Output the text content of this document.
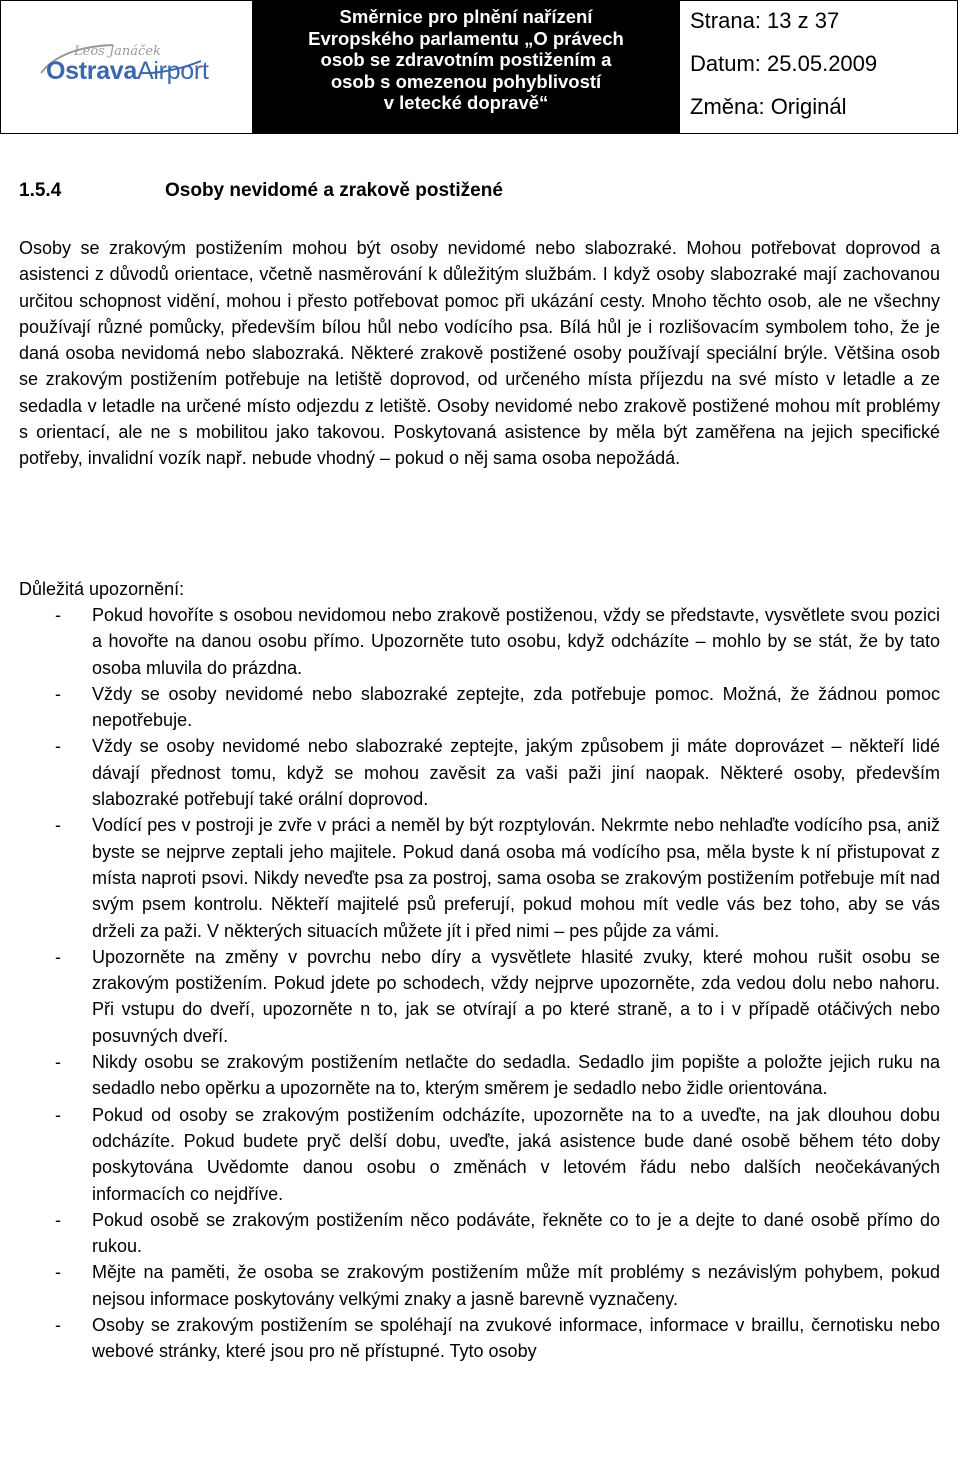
Leoš Janáček
OstravaAirport
Směrnice pro plnění nařízení
Evropského parlamentu „O právech
osob se zdravotním postižením a
osob s omezenou pohyblivostí
v letecké dopravě“
Strana: 13 z 37
Datum: 25.05.2009
Změna: Originál
1.5.4	Osoby nevidomé a zrakově postižené
Osoby se zrakovým postižením mohou být osoby nevidomé nebo slabozraké. Mohou potřebovat doprovod a asistenci z důvodů orientace, včetně nasměrování k důležitým službám. I když osoby slabozraké mají zachovanou určitou schopnost vidění, mohou i přesto potřebovat pomoc při ukázání cesty. Mnoho těchto osob, ale ne všechny používají různé pomůcky, především bílou hůl nebo vodícího psa. Bílá hůl je i rozlišovacím symbolem toho, že je daná osoba nevidomá nebo slabozraká. Některé zrakově postižené osoby používají speciální brýle. Většina osob se zrakovým postižením potřebuje na letiště doprovod, od určeného místa příjezdu na své místo v letadle a ze sedadla v letadle na určené místo odjezdu z letiště. Osoby nevidomé nebo zrakově postižené mohou mít problémy s orientací, ale ne s mobilitou jako takovou. Poskytovaná asistence by měla být zaměřena na jejich specifické potřeby, invalidní vozík např. nebude vhodný – pokud o něj sama osoba nepožádá.
Důležitá upozornění:
- Pokud hovoříte s osobou nevidomou nebo zrakově postiženou, vždy se představte, vysvětlete svou pozici a hovořte na danou osobu přímo. Upozorněte tuto osobu, když odcházíte – mohlo by se stát, že by tato osoba mluvila do prázdna.
- Vždy se osoby nevidomé nebo slabozraké zeptejte, zda potřebuje pomoc. Možná, že žádnou pomoc nepotřebuje.
- Vždy se osoby nevidomé nebo slabozraké zeptejte, jakým způsobem ji máte doprovázet – někteří lidé dávají přednost tomu, když se mohou zavěsit za vaši paži jiní naopak. Některé osoby, především slabozraké potřebují také orální doprovod.
- Vodící pes v postroji je zvře v práci a neměl by být rozptylován. Nekrmte nebo nehlaďte vodícího psa, aniž byste se nejprve zeptali jeho majitele. Pokud daná osoba má vodícího psa, měla byste k ní přistupovat z místa naproti psovi. Nikdy neveďte psa za postroj, sama osoba se zrakovým postižením potřebuje mít nad svým psem kontrolu. Někteří majitelé psů preferují, pokud mohou mít vedle vás bez toho, aby se vás drželi za paži. V některých situacích můžete jít i před nimi – pes půjde za vámi.
- Upozorněte na změny v povrchu nebo díry a vysvětlete hlasité zvuky, které mohou rušit osobu se zrakovým postižením. Pokud jdete po schodech, vždy nejprve upozorněte, zda vedou dolu nebo nahoru. Při vstupu do dveří, upozorněte n to, jak se otvírají a po které straně, a to i v případě otáčivých nebo posuvných dveří.
- Nikdy osobu se zrakovým postižením netlačte do sedadla. Sedadlo jim popište a položte jejich ruku na sedadlo nebo opěrku a upozorněte na to, kterým směrem je sedadlo nebo židle orientována.
- Pokud od osoby se zrakovým postižením odcházíte, upozorněte na to a uveďte, na jak dlouhou dobu odcházíte. Pokud budete pryč delší dobu, uveďte, jaká asistence bude dané osobě během této doby poskytována Uvědomte danou osobu o změnách v letovém řádu nebo dalších neočekávaných informacích co nejdříve.
- Pokud osobě se zrakovým postižením něco podáváte, řekněte co to je a dejte to dané osobě přímo do rukou.
- Mějte na paměti, že osoba se zrakovým postižením může mít problémy s nezávislým pohybem, pokud nejsou informace poskytovány velkými znaky a jasně barevně vyznačeny.
- Osoby se zrakovým postižením se spoléhají na zvukové informace, informace v braillu, černotisku nebo webové stránky, které jsou pro ně přístupné. Tyto osoby
